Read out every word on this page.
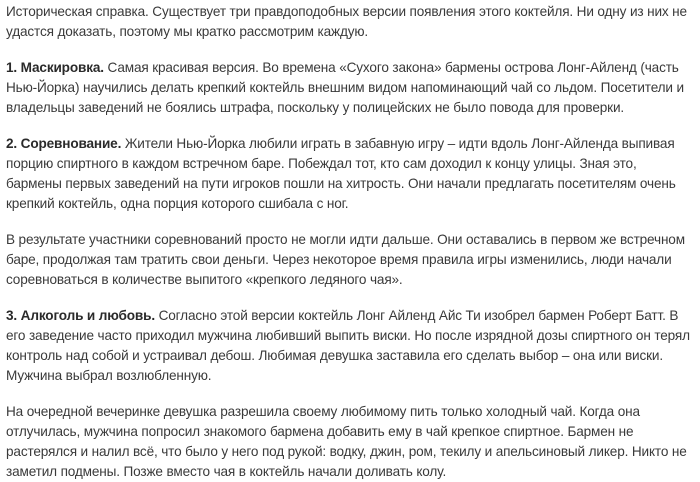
Историческая справка. Существует три правдоподобных версии появления этого коктейля. Ни одну из них не удастся доказать, поэтому мы кратко рассмотрим каждую.

1. Маскировка. Самая красивая версия. Во времена «Сухого закона» бармены острова Лонг-Айленд (часть Нью-Йорка) научились делать крепкий коктейль внешним видом напоминающий чай со льдом. Посетители и владельцы заведений не боялись штрафа, поскольку у полицейских не было повода для проверки.

2. Соревнование. Жители Нью-Йорка любили играть в забавную игру – идти вдоль Лонг-Айленда выпивая порцию спиртного в каждом встречном баре. Побеждал тот, кто сам доходил к концу улицы. Зная это, бармены первых заведений на пути игроков пошли на хитрость. Они начали предлагать посетителям очень крепкий коктейль, одна порция которого сшибала с ног.

В результате участники соревнований просто не могли идти дальше. Они оставались в первом же встречном баре, продолжая там тратить свои деньги. Через некоторое время правила игры изменились, люди начали соревноваться в количестве выпитого «крепкого ледяного чая».

3. Алкоголь и любовь. Согласно этой версии коктейль Лонг Айленд Айс Ти изобрел бармен Роберт Батт. В его заведение часто приходил мужчина любивший выпить виски. Но после изрядной дозы спиртного он терял контроль над собой и устраивал дебош. Любимая девушка заставила его сделать выбор – она или виски. Мужчина выбрал возлюбленную.

На очередной вечеринке девушка разрешила своему любимому пить только холодный чай. Когда она отлучилась, мужчина попросил знакомого бармена добавить ему в чай крепкое спиртное. Бармен не растерялся и налил всё, что было у него под рукой: водку, джин, ром, текилу и апельсиновый ликер. Никто не заметил подмены. Позже вместо чая в коктейль начали доливать колу.
